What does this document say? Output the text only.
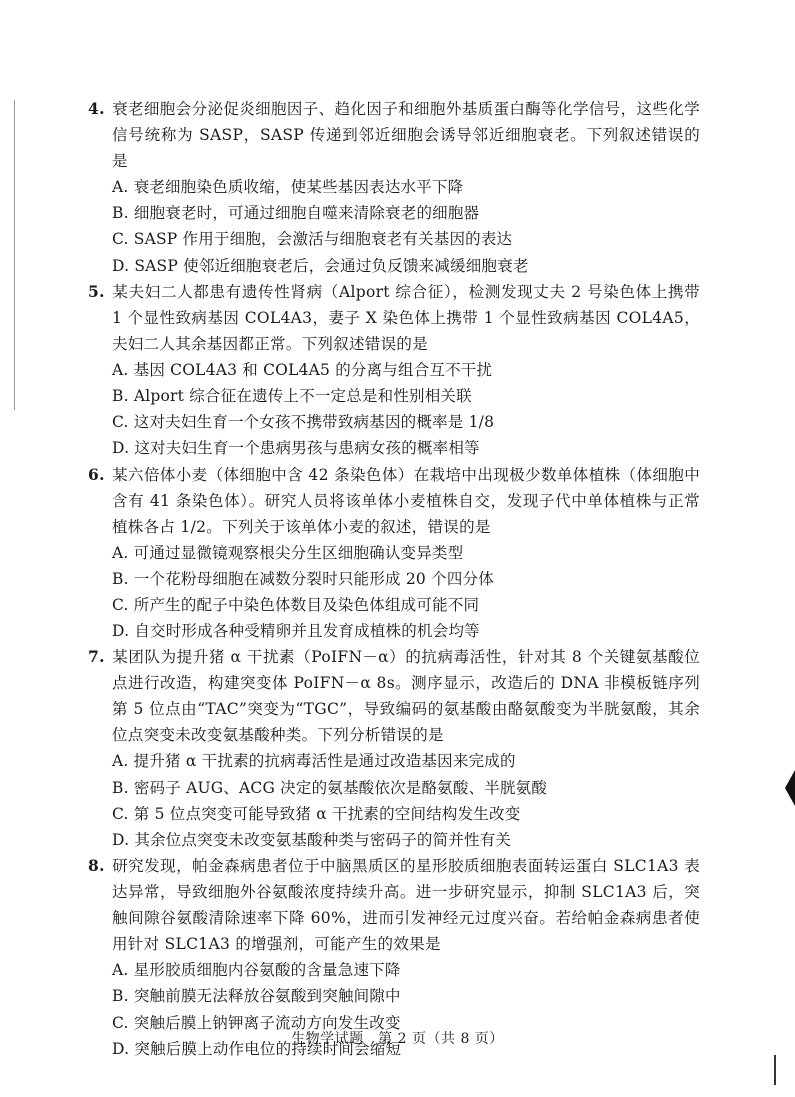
4. 衰老细胞会分泌促炎细胞因子、趋化因子和细胞外基质蛋白酶等化学信号，这些化学信号统称为 SASP，SASP 传递到邻近细胞会诱导邻近细胞衰老。下列叙述错误的是
A. 衰老细胞染色质收缩，使某些基因表达水平下降
B. 细胞衰老时，可通过细胞自噬来清除衰老的细胞器
C. SASP 作用于细胞，会激活与细胞衰老有关基因的表达
D. SASP 使邻近细胞衰老后，会通过负反馈来减缓细胞衰老
5. 某夫妇二人都患有遗传性肾病（Alport 综合征），检测发现丈夫 2 号染色体上携带 1 个显性致病基因 COL4A3，妻子 X 染色体上携带 1 个显性致病基因 COL4A5，夫妇二人其余基因都正常。下列叙述错误的是
A. 基因 COL4A3 和 COL4A5 的分离与组合互不干扰
B. Alport 综合征在遗传上不一定总是和性别相关联
C. 这对夫妇生育一个女孩不携带致病基因的概率是 1/8
D. 这对夫妇生育一个患病男孩与患病女孩的概率相等
6. 某六倍体小麦（体细胞中含 42 条染色体）在栽培中出现极少数单体植株（体细胞中含有 41 条染色体）。研究人员将该单体小麦植株自交，发现子代中单体植株与正常植株各占 1/2。下列关于该单体小麦的叙述，错误的是
A. 可通过显微镜观察根尖分生区细胞确认变异类型
B. 一个花粉母细胞在减数分裂时只能形成 20 个四分体
C. 所产生的配子中染色体数目及染色体组成可能不同
D. 自交时形成各种受精卵并且发育成植株的机会均等
7. 某团队为提升猪 α 干扰素（PoIFN－α）的抗病毒活性，针对其 8 个关键氨基酸位点进行改造，构建突变体 PoIFN－α 8s。测序显示，改造后的 DNA 非模板链序列第 5 位点由“TAC”突变为“TGC”，导致编码的氨基酸由酪氨酸变为半胱氨酸，其余位点突变未改变氨基酸种类。下列分析错误的是
A. 提升猪 α 干扰素的抗病毒活性是通过改造基因来完成的
B. 密码子 AUG、ACG 决定的氨基酸依次是酪氨酸、半胱氨酸
C. 第 5 位点突变可能导致猪 α 干扰素的空间结构发生改变
D. 其余位点突变未改变氨基酸种类与密码子的简并性有关
8. 研究发现，帕金森病患者位于中脑黑质区的星形胶质细胞表面转运蛋白 SLC1A3 表达异常，导致细胞外谷氨酸浓度持续升高。进一步研究显示，抑制 SLC1A3 后，突触间隙谷氨酸清除速率下降 60%，进而引发神经元过度兴奋。若给帕金森病患者使用针对 SLC1A3 的增强剂，可能产生的效果是
A. 星形胶质细胞内谷氨酸的含量急速下降
B. 突触前膜无法释放谷氨酸到突触间隙中
C. 突触后膜上钠钾离子流动方向发生改变
D. 突触后膜上动作电位的持续时间会缩短
生物学试题　第 2 页（共 8 页）
